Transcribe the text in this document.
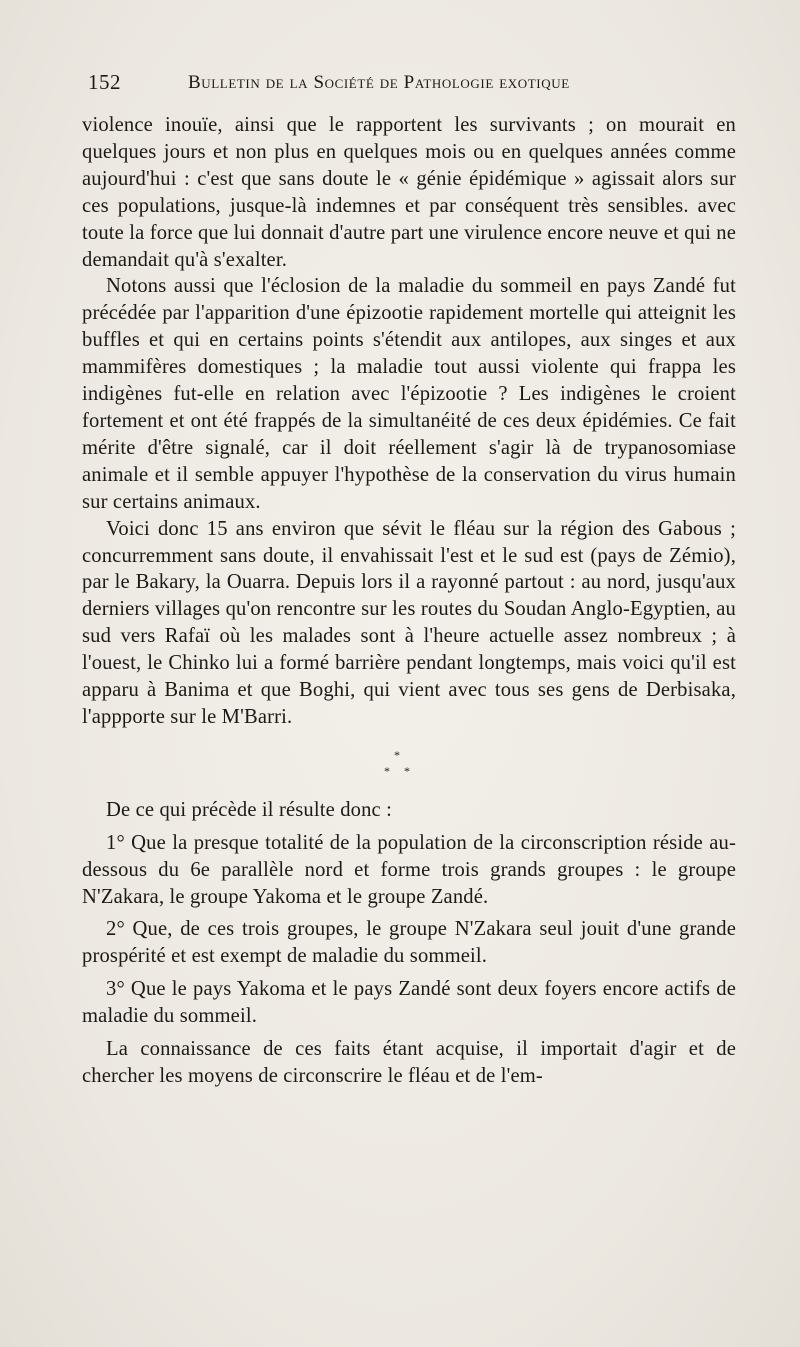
152	Bulletin de la Société de Pathologie exotique

violence inouïe, ainsi que le rapportent les survivants ; on mourait en quelques jours et non plus en quelques mois ou en quelques années comme aujourd'hui : c'est que sans doute le « génie épidémique » agissait alors sur ces populations, jusque-là indemnes et par conséquent très sensibles. avec toute la force que lui donnait d'autre part une virulence encore neuve et qui ne demandait qu'à s'exalter.

Notons aussi que l'éclosion de la maladie du sommeil en pays Zandé fut précédée par l'apparition d'une épizootie rapidement mortelle qui atteignit les buffles et qui en certains points s'étendit aux antilopes, aux singes et aux mammifères domestiques ; la maladie tout aussi violente qui frappa les indigènes fut-elle en relation avec l'épizootie ? Les indigènes le croient fortement et ont été frappés de la simultanéité de ces deux épidémies. Ce fait mérite d'être signalé, car il doit réellement s'agir là de trypanosomiase animale et il semble appuyer l'hypothèse de la conservation du virus humain sur certains animaux.

Voici donc 15 ans environ que sévit le fléau sur la région des Gabous ; concurremment sans doute, il envahissait l'est et le sud est (pays de Zémio), par le Bakary, la Ouarra. Depuis lors il a rayonné partout : au nord, jusqu'aux derniers villages qu'on rencontre sur les routes du Soudan Anglo-Egyptien, au sud vers Rafaï où les malades sont à l'heure actuelle assez nombreux ; à l'ouest, le Chinko lui a formé barrière pendant longtemps, mais voici qu'il est apparu à Banima et que Boghi, qui vient avec tous ses gens de Derbisaka, l'appporte sur le M'Barri.

*
* *

De ce qui précède il résulte donc :

1° Que la presque totalité de la population de la circonscription réside au-dessous du 6e parallèle nord et forme trois grands groupes : le groupe N'Zakara, le groupe Yakoma et le groupe Zandé.

2° Que, de ces trois groupes, le groupe N'Zakara seul jouit d'une grande prospérité et est exempt de maladie du sommeil.

3° Que le pays Yakoma et le pays Zandé sont deux foyers encore actifs de maladie du sommeil.

La connaissance de ces faits étant acquise, il importait d'agir et de chercher les moyens de circonscrire le fléau et de l'em-
